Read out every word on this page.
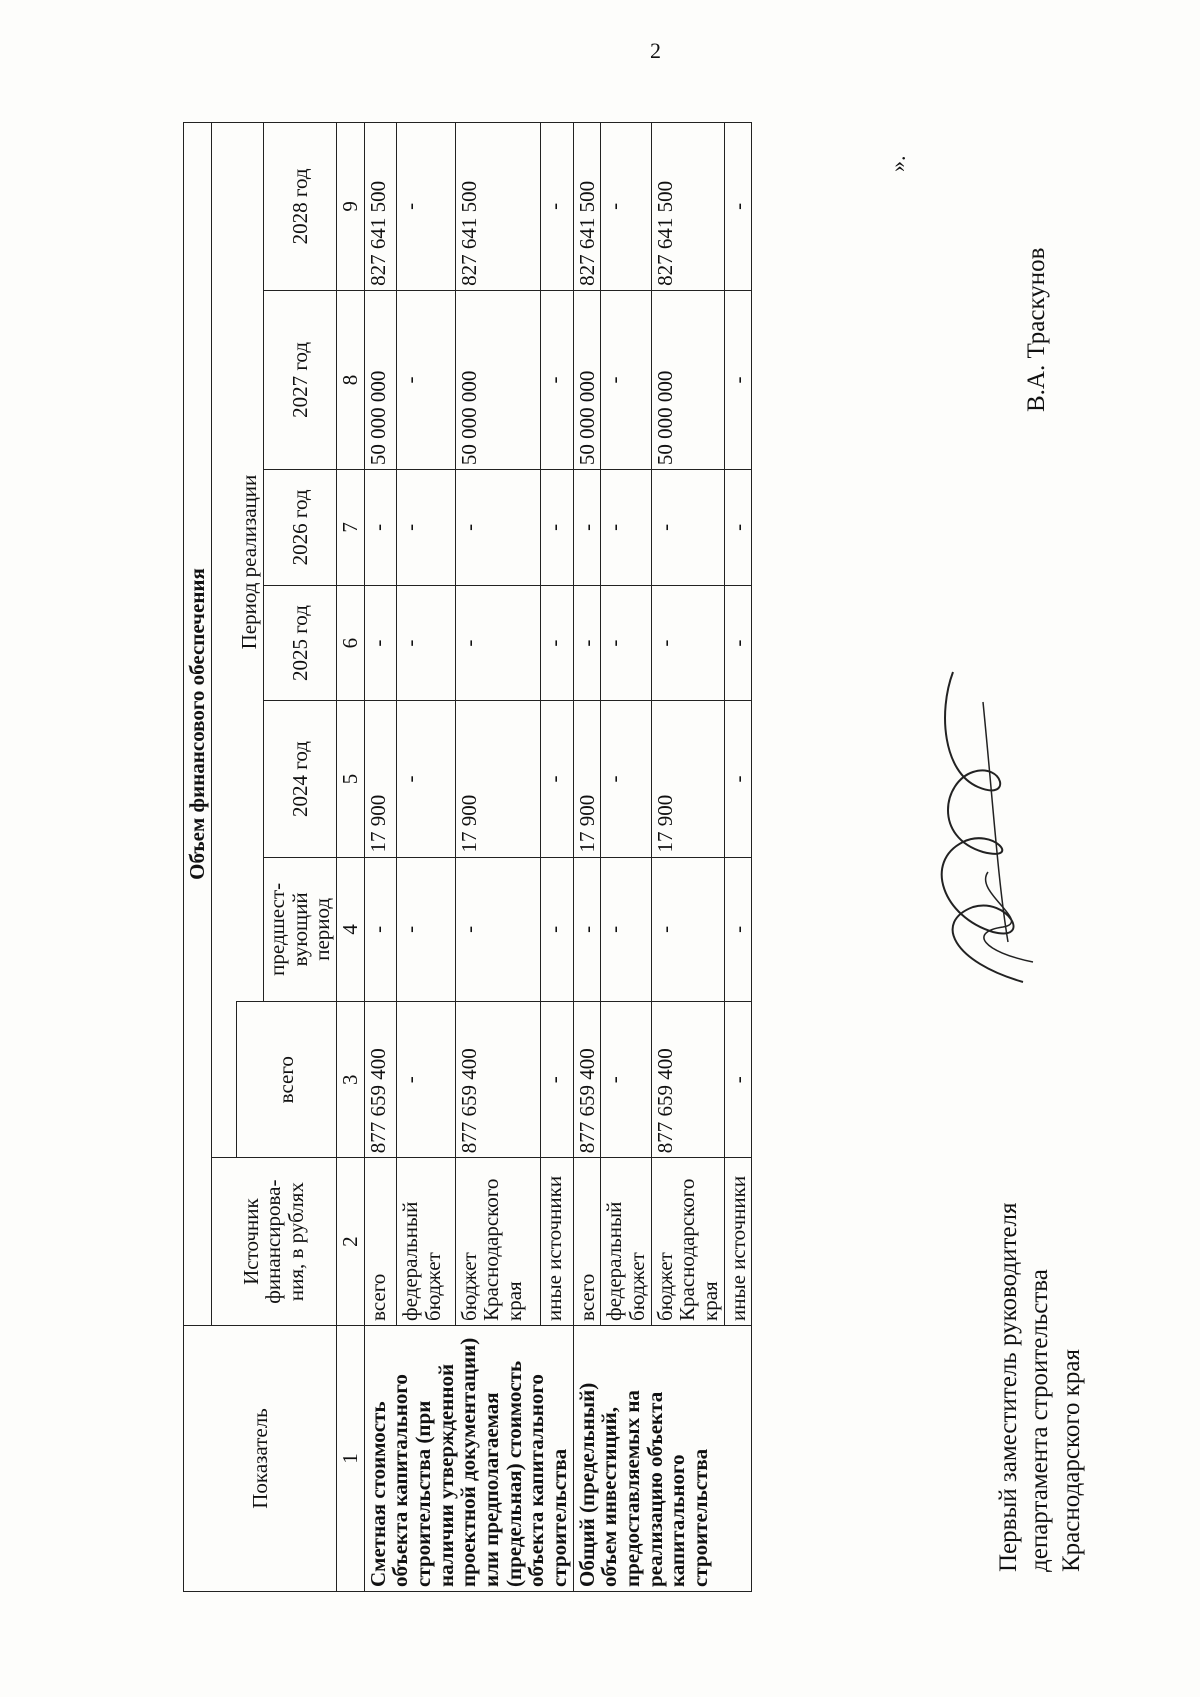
2
Показатель	Объем финансового обеспечения							
	Источник финансирова-ния, в рублях							
		всего	Период реализации					
			предшест-вующий период	2024 год	2025 год	2026 год	2027 год	2028 год
1	2	3	4	5	6	7	8	9
Сметная стоимость объекта капитального строительства (при наличии утвержденной проектной документации) или предполагаемая (предельная) стоимость объекта капитального строительства	всего	877 659 400	-	17 900	-	-	50 000 000	827 641 500
	федеральный бюджет	-	-	-	-	-	-	-
	бюджет Краснодарского края	877 659 400	-	17 900	-	-	50 000 000	827 641 500
	иные источники	-	-	-	-	-	-	-
Общий (предельный) объем инвестиций, предоставляемых на реализацию объекта капитального строительства	всего	877 659 400	-	17 900	-	-	50 000 000	827 641 500
	федеральный бюджет	-	-	-	-	-	-	-
	бюджет Краснодарского края	877 659 400	-	17 900	-	-	50 000 000	827 641 500
	иные источники	-	-	-	-	-	-	-
».
Первый заместитель руководителя департамента строительства Краснодарского края
В.А. Траскунов
